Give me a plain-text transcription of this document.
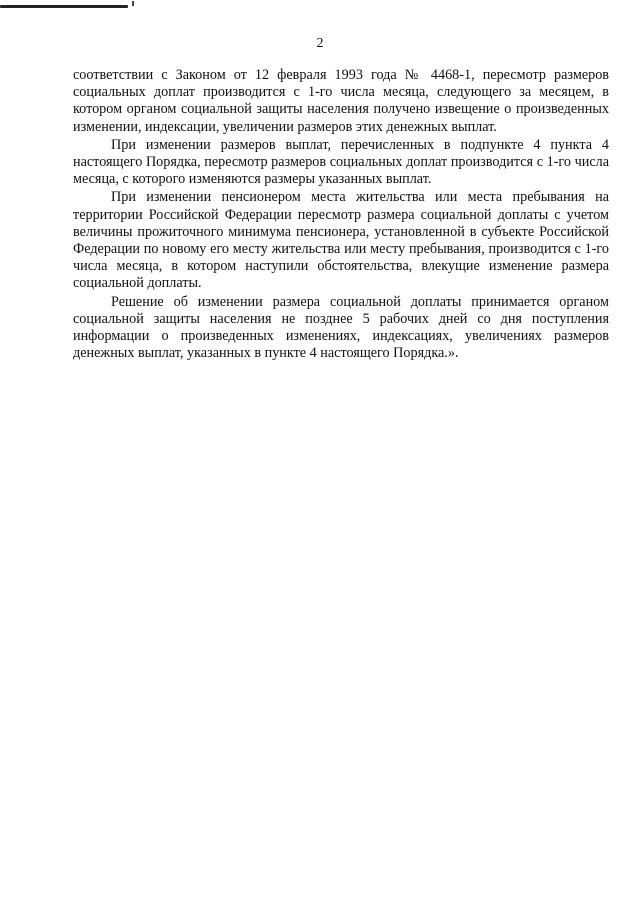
2

соответствии с Законом от 12 февраля 1993 года № 4468-1, пересмотр размеров социальных доплат производится с 1-го числа месяца, следующего за месяцем, в котором органом социальной защиты населения получено извещение о произведенных изменении, индексации, увеличении размеров этих денежных выплат.

При изменении размеров выплат, перечисленных в подпункте 4 пункта 4 настоящего Порядка, пересмотр размеров социальных доплат производится с 1-го числа месяца, с которого изменяются размеры указанных выплат.

При изменении пенсионером места жительства или места пребывания на территории Российской Федерации пересмотр размера социальной доплаты с учетом величины прожиточного минимума пенсионера, установленной в субъекте Российской Федерации по новому его месту жительства или месту пребывания, производится с 1-го числа месяца, в котором наступили обстоятельства, влекущие изменение размера социальной доплаты.

Решение об изменении размера социальной доплаты принимается органом социальной защиты населения не позднее 5 рабочих дней со дня поступления информации о произведенных изменениях, индексациях, увеличениях размеров денежных выплат, указанных в пункте 4 настоящего Порядка.».
